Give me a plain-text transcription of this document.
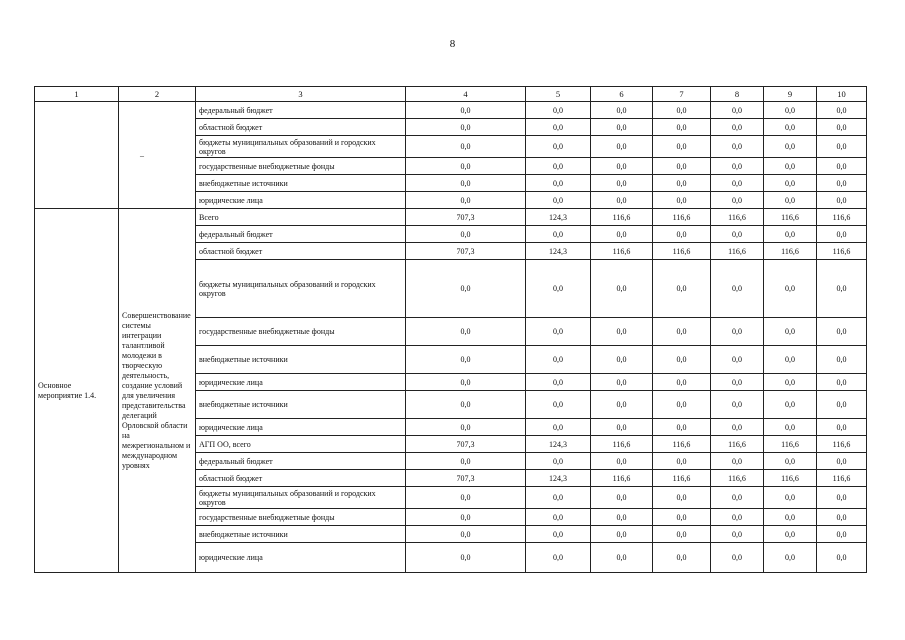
8
1	2	3	4	5	6	7	8	9	10
	–	федеральный бюджет	0,0	0,0	0,0	0,0	0,0	0,0	0,0
		областной бюджет	0,0	0,0	0,0	0,0	0,0	0,0	0,0
		бюджеты муниципальных образований и городских округов	0,0	0,0	0,0	0,0	0,0	0,0	0,0
		государственные внебюджетные фонды	0,0	0,0	0,0	0,0	0,0	0,0	0,0
		внебюджетные источники	0,0	0,0	0,0	0,0	0,0	0,0	0,0
		юридические лица	0,0	0,0	0,0	0,0	0,0	0,0	0,0
Основное мероприятие 1.4.	Совершенствование системы интеграции талантливой молодежи в творческую деятельность, создание условий для увеличения представительства делегаций Орловской области на межрегиональном и международном уровнях	Всего	707,3	124,3	116,6	116,6	116,6	116,6	116,6
		федеральный бюджет	0,0	0,0	0,0	0,0	0,0	0,0	0,0
		областной бюджет	707,3	124,3	116,6	116,6	116,6	116,6	116,6
		бюджеты муниципальных образований и городских округов	0,0	0,0	0,0	0,0	0,0	0,0	0,0
		государственные внебюджетные фонды	0,0	0,0	0,0	0,0	0,0	0,0	0,0
		внебюджетные источники	0,0	0,0	0,0	0,0	0,0	0,0	0,0
		юридические лица	0,0	0,0	0,0	0,0	0,0	0,0	0,0
		внебюджетные источники	0,0	0,0	0,0	0,0	0,0	0,0	0,0
		юридические лица	0,0	0,0	0,0	0,0	0,0	0,0	0,0
		АГП ОО, всего	707,3	124,3	116,6	116,6	116,6	116,6	116,6
		федеральный бюджет	0,0	0,0	0,0	0,0	0,0	0,0	0,0
		областной бюджет	707,3	124,3	116,6	116,6	116,6	116,6	116,6
		бюджеты муниципальных образований и городских округов	0,0	0,0	0,0	0,0	0,0	0,0	0,0
		государственные внебюджетные фонды	0,0	0,0	0,0	0,0	0,0	0,0	0,0
		внебюджетные источники	0,0	0,0	0,0	0,0	0,0	0,0	0,0
		юридические лица	0,0	0,0	0,0	0,0	0,0	0,0	0,0
